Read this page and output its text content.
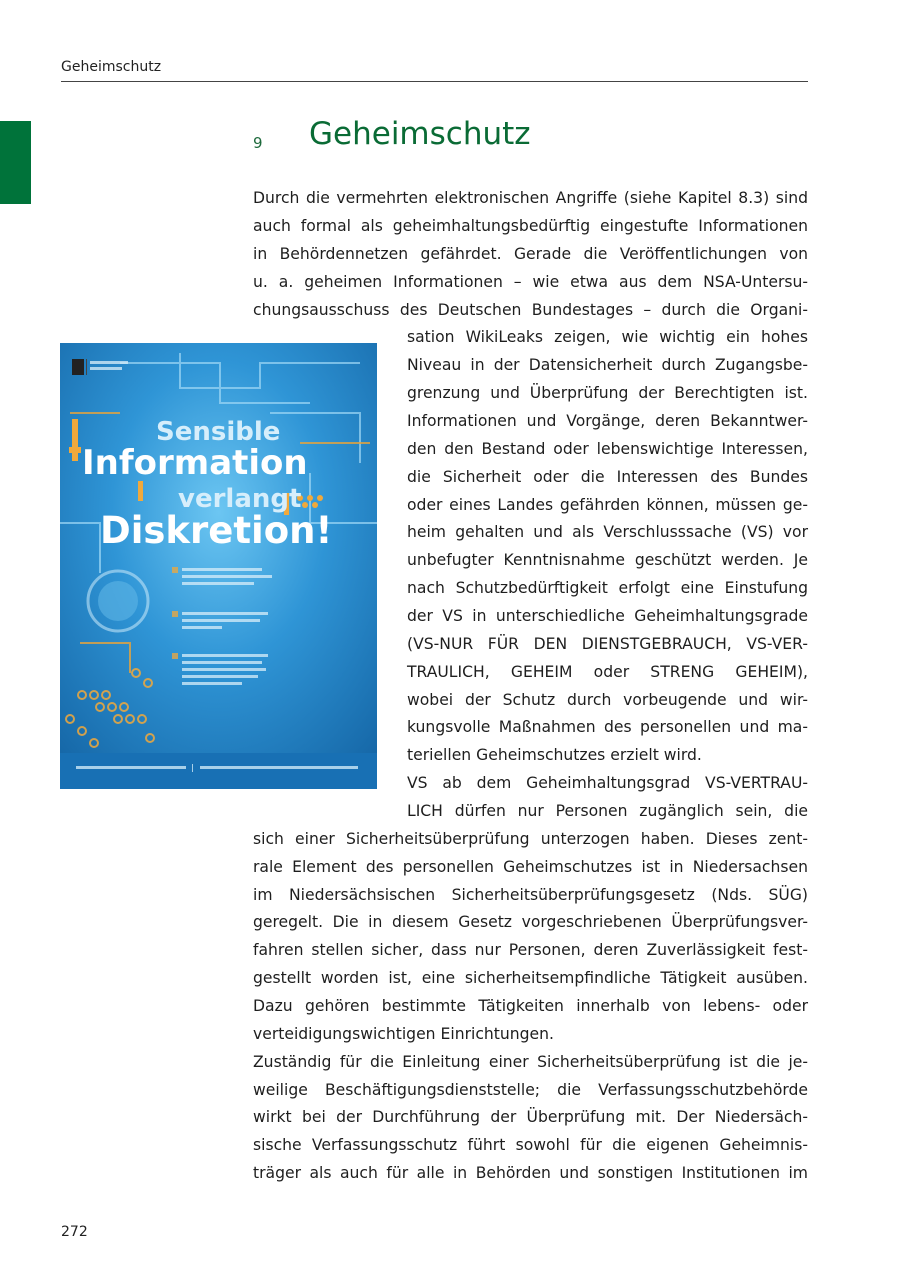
Geheimschutz
9 Geheimschutz
Durch die vermehrten elektronischen Angriffe (siehe Kapitel 8.3) sind
auch formal als geheimhaltungsbedürftig eingestufte Informationen
in Behördennetzen gefährdet. Gerade die Veröffentlichungen von
u. a. geheimen Informationen – wie etwa aus dem NSA-Untersu-
chungsausschuss des Deutschen Bundestages – durch die Organi-
sation WikiLeaks zeigen, wie wichtig ein hohes
Niveau in der Datensicherheit durch Zugangsbe-
grenzung und Überprüfung der Berechtigten ist.
Informationen und Vorgänge, deren Bekanntwer-
den den Bestand oder lebenswichtige Interessen,
die Sicherheit oder die Interessen des Bundes
oder eines Landes gefährden können, müssen ge-
heim gehalten und als Verschlusssache (VS) vor
unbefugter Kenntnisnahme geschützt werden. Je
nach Schutzbedürftigkeit erfolgt eine Einstufung
der VS in unterschiedliche Geheimhaltungsgrade
(VS-NUR FÜR DEN DIENSTGEBRAUCH, VS-VER-
TRAULICH, GEHEIM oder STRENG GEHEIM),
wobei der Schutz durch vorbeugende und wir-
kungsvolle Maßnahmen des personellen und ma-
teriellen Geheimschutzes erzielt wird.
VS ab dem Geheimhaltungsgrad VS-VERTRAU-
LICH dürfen nur Personen zugänglich sein, die
sich einer Sicherheitsüberprüfung unterzogen haben. Dieses zent-
rale Element des personellen Geheimschutzes ist in Niedersachsen
im Niedersächsischen Sicherheitsüberprüfungsgesetz (Nds. SÜG)
geregelt. Die in diesem Gesetz vorgeschriebenen Überprüfungsver-
fahren stellen sicher, dass nur Personen, deren Zuverlässigkeit fest-
gestellt worden ist, eine sicherheitsempfindliche Tätigkeit ausüben.
Dazu gehören bestimmte Tätigkeiten innerhalb von lebens- oder
verteidigungswichtigen Einrichtungen.
Zuständig für die Einleitung einer Sicherheitsüberprüfung ist die je-
weilige Beschäftigungsdienststelle; die Verfassungsschutzbehörde
wirkt bei der Durchführung der Überprüfung mit. Der Niedersäch-
sische Verfassungsschutz führt sowohl für die eigenen Geheimnis-
träger als auch für alle in Behörden und sonstigen Institutionen im
Sensible
Information
verlangt
Diskretion!
272
